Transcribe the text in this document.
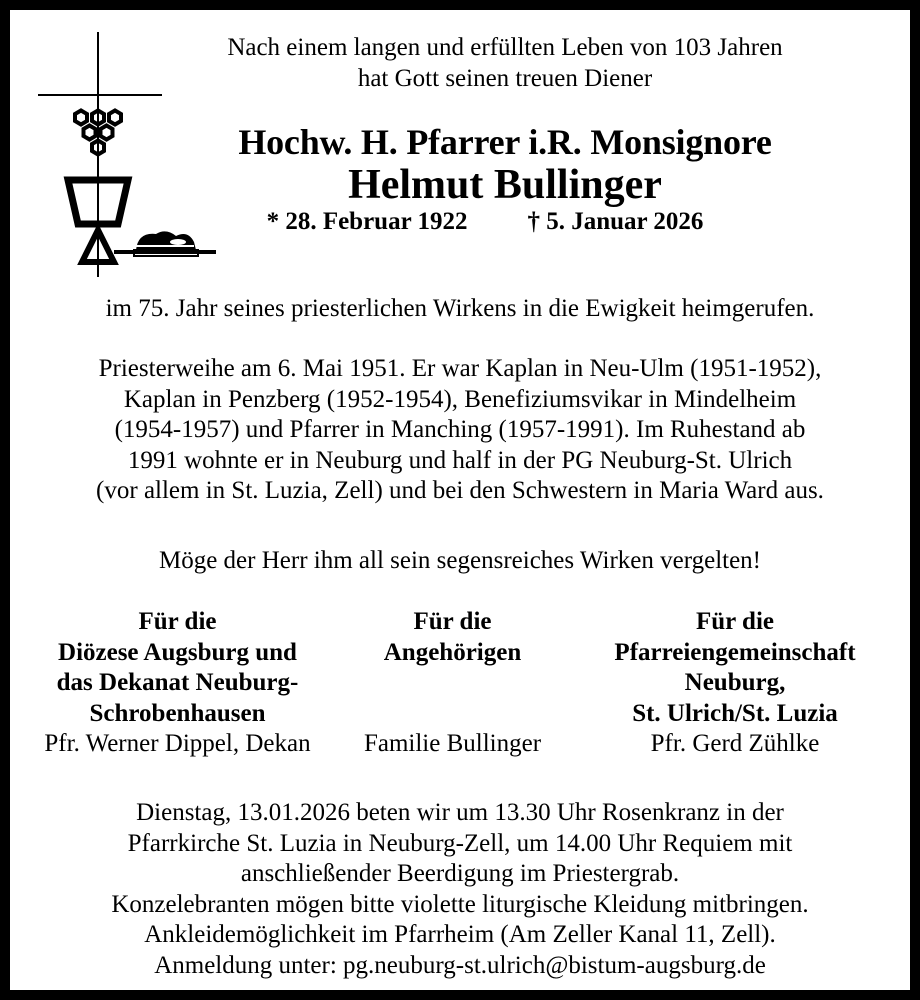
Nach einem langen und erfüllten Leben von 103 Jahren
hat Gott seinen treuen Diener
Hochw. H. Pfarrer i.R. Monsignore
Helmut Bullinger
* 28. Februar 1922 † 5. Januar 2026
im 75. Jahr seines priesterlichen Wirkens in die Ewigkeit heimgerufen.
Priesterweihe am 6. Mai 1951. Er war Kaplan in Neu-Ulm (1951-1952),
Kaplan in Penzberg (1952-1954), Benefiziumsvikar in Mindelheim
(1954-1957) und Pfarrer in Manching (1957-1991). Im Ruhestand ab
1991 wohnte er in Neuburg und half in der PG Neuburg-St. Ulrich
(vor allem in St. Luzia, Zell) und bei den Schwestern in Maria Ward aus.
Möge der Herr ihm all sein segensreiches Wirken vergelten!
Für die
Diözese Augsburg und
das Dekanat Neuburg-
Schrobenhausen
Pfr. Werner Dippel, Dekan
Für die
Angehörigen
Familie Bullinger
Für die
Pfarreiengemeinschaft
Neuburg,
St. Ulrich/St. Luzia
Pfr. Gerd Zühlke
Dienstag, 13.01.2026 beten wir um 13.30 Uhr Rosenkranz in der
Pfarrkirche St. Luzia in Neuburg-Zell, um 14.00 Uhr Requiem mit
anschließender Beerdigung im Priestergrab.
Konzelebranten mögen bitte violette liturgische Kleidung mitbringen.
Ankleidemöglichkeit im Pfarrheim (Am Zeller Kanal 11, Zell).
Anmeldung unter: pg.neuburg-st.ulrich@bistum-augsburg.de
